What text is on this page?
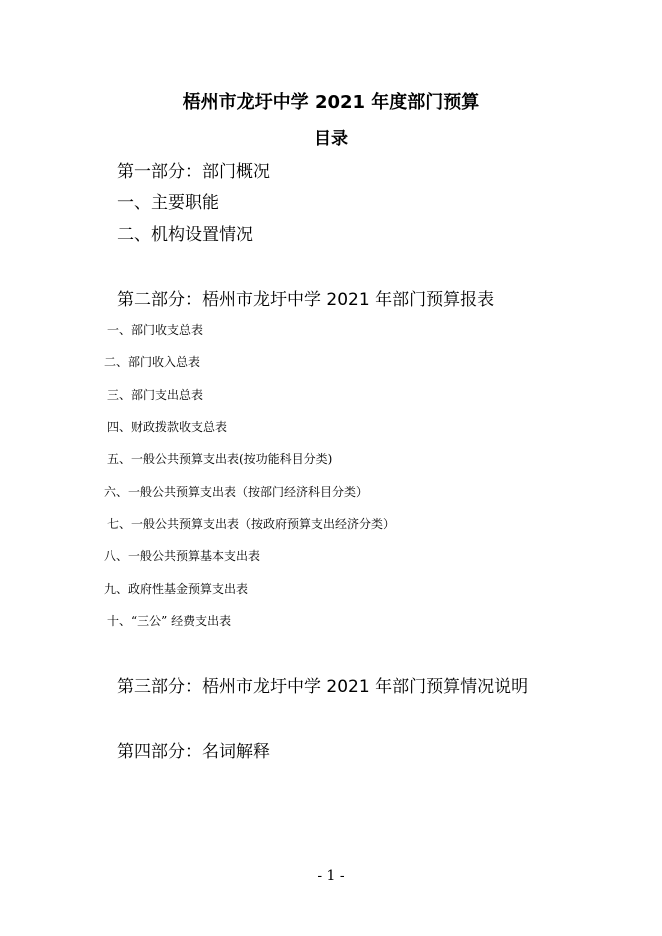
梧州市龙圩中学 2021 年度部门预算
目录
第一部分：部门概况
一、主要职能
二、机构设置情况
第二部分：梧州市龙圩中学 2021 年部门预算报表
一、部门收支总表
二、部门收入总表
三、部门支出总表
四、财政拨款收支总表
五、一般公共预算支出表(按功能科目分类)
六、一般公共预算支出表（按部门经济科目分类）
七、一般公共预算支出表（按政府预算支出经济分类）
八、一般公共预算基本支出表
九、政府性基金预算支出表
十、“三公” 经费支出表
第三部分：梧州市龙圩中学 2021 年部门预算情况说明
第四部分：名词解释
- 1 -
